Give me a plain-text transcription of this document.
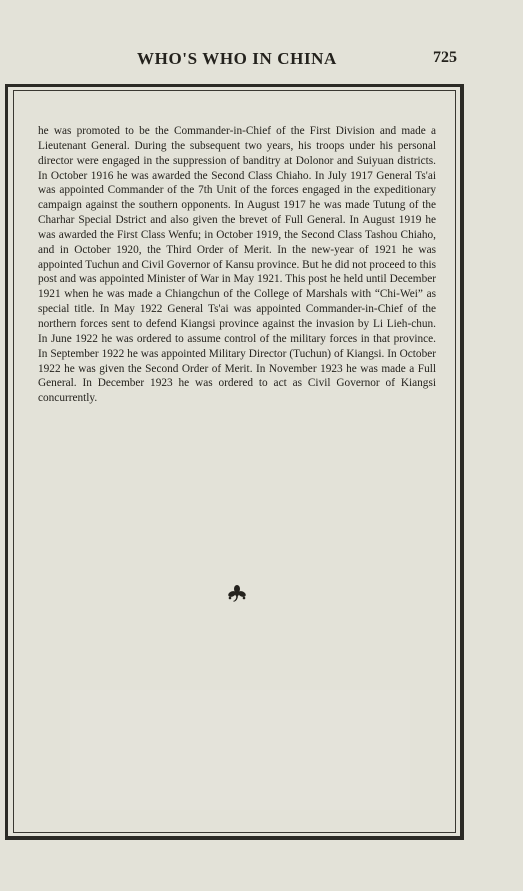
WHO'S WHO IN CHINA	725

he was promoted to be the Commander-in-Chief of the First Division and made a Lieutenant General. During the subsequent two years, his troops under his personal director were engaged in the suppression of banditry at Dolonor and Suiyuan districts. In October 1916 he was awarded the Second Class Chiaho. In July 1917 General Ts'ai was appointed Commander of the 7th Unit of the forces engaged in the expeditionary campaign against the southern opponents. In August 1917 he was made Tutung of the Charhar Special Dstrict and also given the brevet of Full General. In August 1919 he was awarded the First Class Wenfu; in October 1919, the Second Class Tashou Chiaho, and in October 1920, the Third Order of Merit. In the new-year of 1921 he was appointed Tuchun and Civil Governor of Kansu province. But he did not proceed to this post and was appointed Minister of War in May 1921. This post he held until December 1921 when he was made a Chiangchun of the College of Marshals with “Chi-Wei” as special title. In May 1922 General Ts'ai was appointed Commander-in-Chief of the northern forces sent to defend Kiangsi province against the invasion by Li Lieh-chun. In June 1922 he was ordered to assume control of the military forces in that province. In September 1922 he was appointed Military Director (Tuchun) of Kiangsi. In October 1922 he was given the Second Order of Merit. In November 1923 he was made a Full General. In December 1923 he was ordered to act as Civil Governor of Kiangsi concurrently.
